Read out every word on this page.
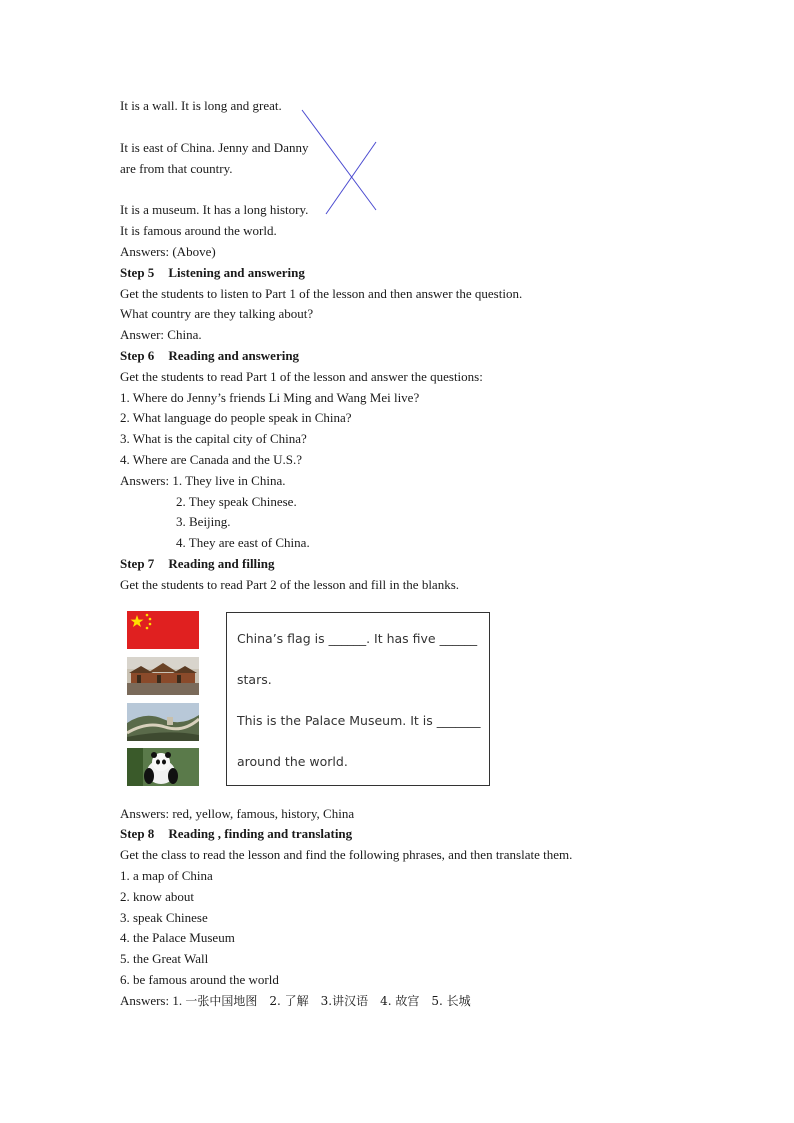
It is a wall. It is long and great.
It is east of China. Jenny and Danny
are from that country.
It is a museum. It has a long history.
It is famous around the world.
Answers: (Above)
Step 5 Listening and answering
Get the students to listen to Part 1 of the lesson and then answer the question.
What country are they talking about?
Answer: China.
Step 6 Reading and answering
Get the students to read Part 1 of the lesson and answer the questions:
1. Where do Jenny’s friends Li Ming and Wang Mei live?
2. What language do people speak in China?
3. What is the capital city of China?
4. Where are Canada and the U.S.?
Answers: 1. They live in China.
2. They speak Chinese.
3. Beijing.
4. They are east of China.
Step 7 Reading and filling
Get the students to read Part 2 of the lesson and fill in the blanks.
China’s flag is ______. It has five ______
stars.
This is the Palace Museum. It is _______
around the world.
Answers: red, yellow, famous, history, China
Step 8 Reading , finding and translating
Get the class to read the lesson and find the following phrases, and then translate them.
1. a map of China
2. know about
3. speak Chinese
4. the Palace Museum
5. the Great Wall
6. be famous around the world
Answers: 1. 一张中国地图　2. 了解　3.讲汉语　4. 故宫　5. 长城
